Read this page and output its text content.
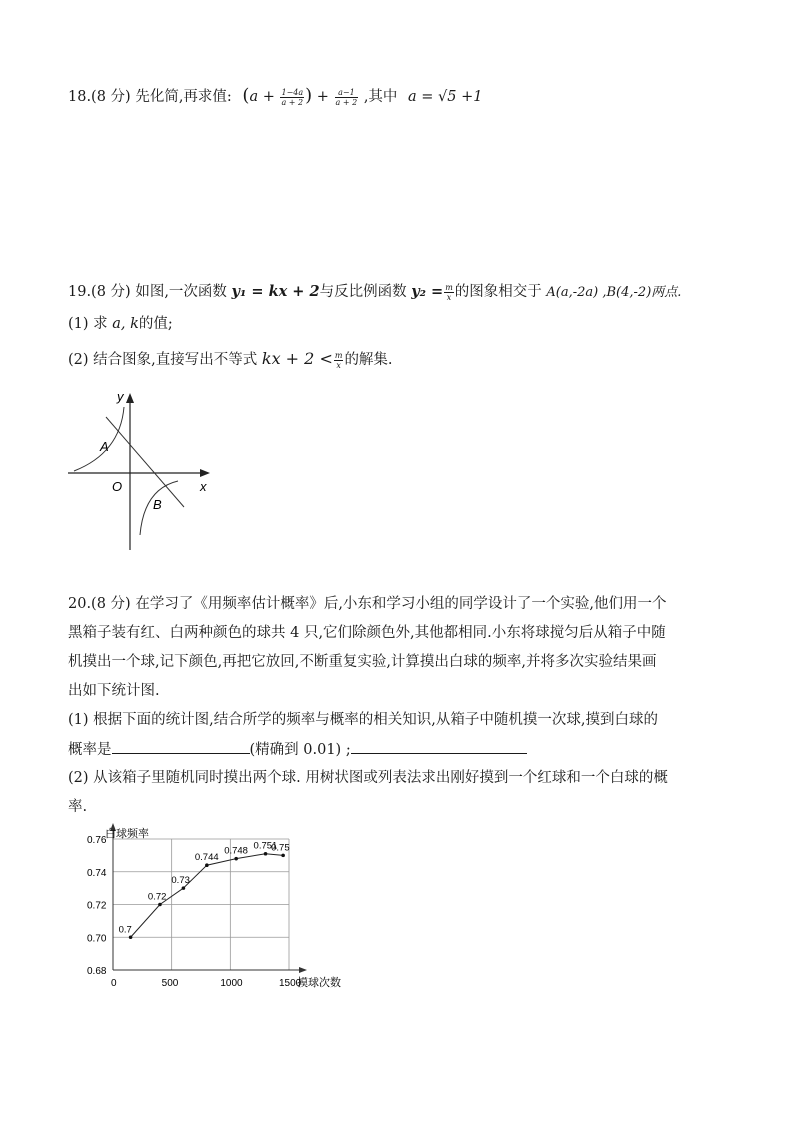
18.(8 分) 先化简,再求值: ($a + \frac{1-4a}{a + 2}$ ) + $\frac{a-1}{a + 2}$ ,其中 a = √5 +1
19.(8 分) 如图,一次函数 y₁ = kx + 2与反比例函数 $y_2 = \frac{m}{x}$ 的图象相交于 A(a,-2a) ,B(4,-2)两点.
(1) 求 a, k的值;
(2) 结合图象,直接写出不等式 kx + $2 < \frac{m}{x}$ 的解集.
y
x
O
A
B
20.(8 分) 在学习了《用频率估计概率》后,小东和学习小组的同学设计了一个实验,他们用一个
黑箱子装有红、白两种颜色的球共 4 只,它们除颜色外,其他都相同.小东将球搅匀后从箱子中随
机摸出一个球,记下颜色,再把它放回,不断重复实验,计算摸出白球的频率,并将多次实验结果画
出如下统计图.
(1) 根据下面的统计图,结合所学的频率与概率的相关知识,从箱子中随机摸一次球,摸到白球的
概率是	(精确到 0.01) ;
(2) 从该箱子里随机同时摸出两个球. 用树状图或列表法求出刚好摸到一个红球和一个白球的概
率.
0.68
0.70
0.72
0.74
0.76
0	500	1000	1500
0.7
0.72
0.73
0.744
0.748 0.751
0.75
白球频率
摸球次数
